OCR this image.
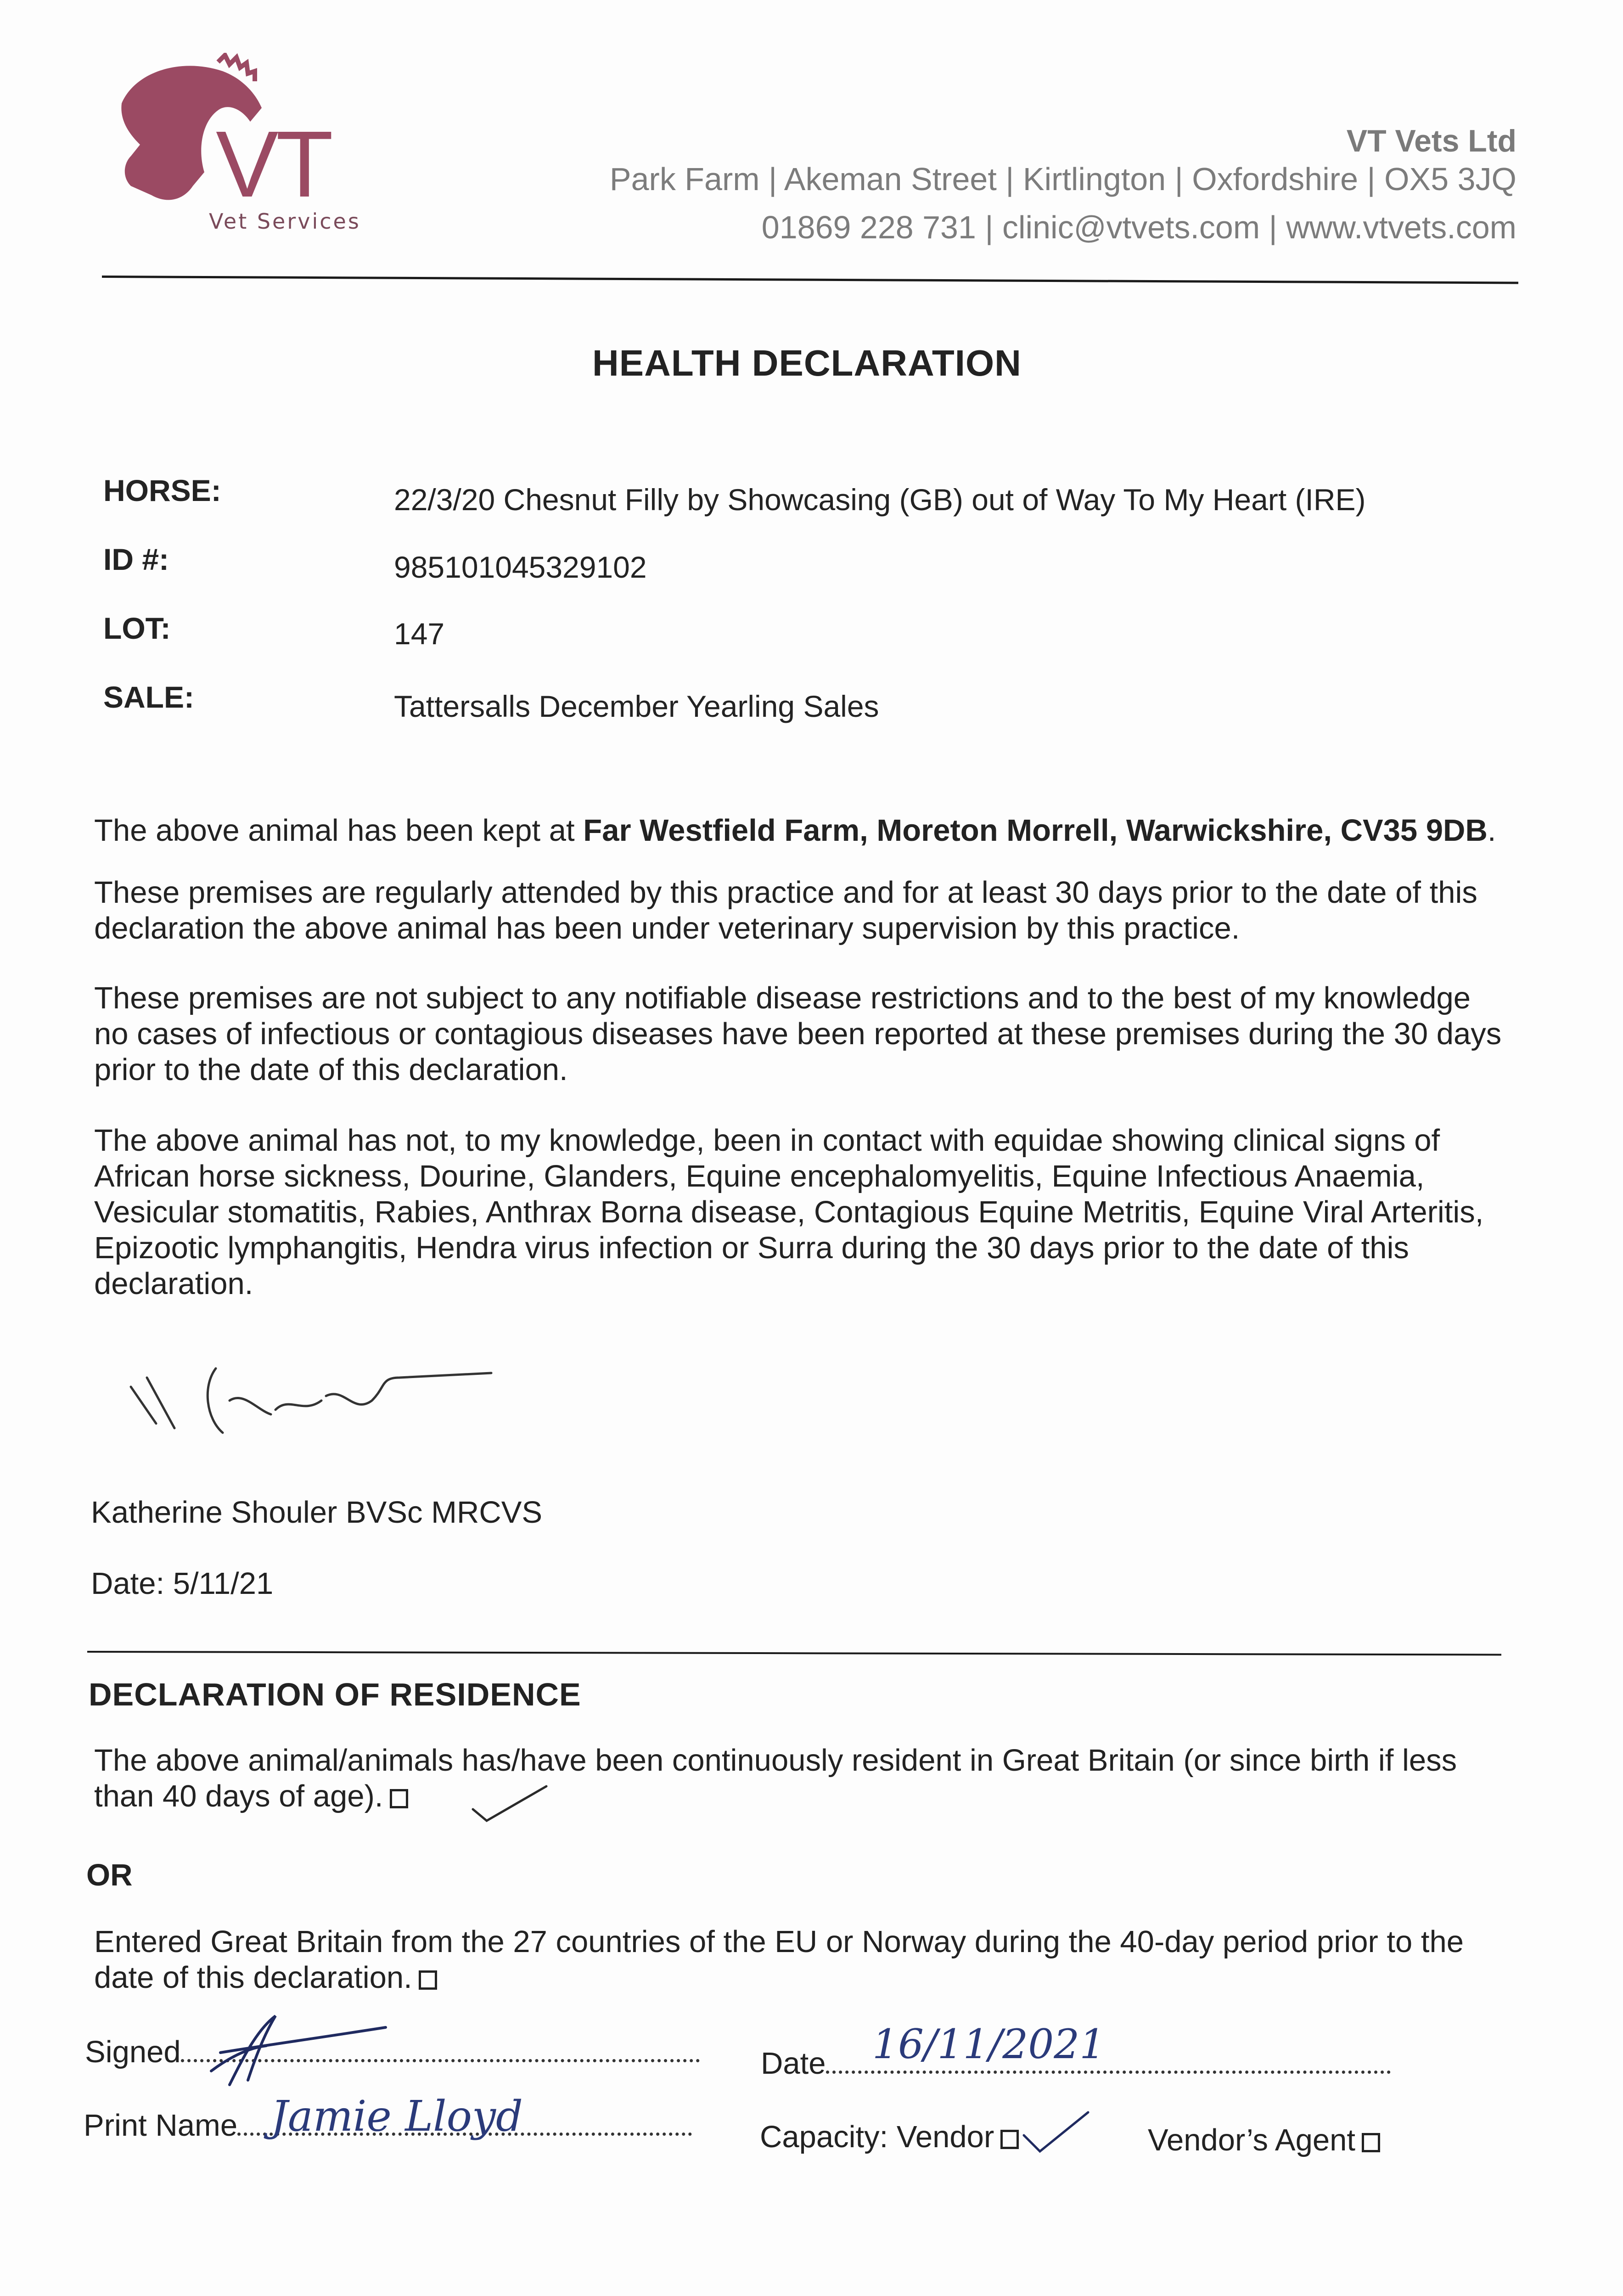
VT
Vet Services
VT Vets Ltd
Park Farm | Akeman Street | Kirtlington | Oxfordshire | OX5 3JQ
01869 228 731 | clinic@vtvets.com | www.vtvets.com
HEALTH DECLARATION
HORSE:	22/3/20 Chesnut Filly by Showcasing (GB) out of Way To My Heart (IRE)
ID #:	985101045329102
LOT:	147
SALE:	Tattersalls December Yearling Sales
The above animal has been kept at Far Westfield Farm, Moreton Morrell, Warwickshire, CV35 9DB.
These premises are regularly attended by this practice and for at least 30 days prior to the date of this declaration the above animal has been under veterinary supervision by this practice.
These premises are not subject to any notifiable disease restrictions and to the best of my knowledge no cases of infectious or contagious diseases have been reported at these premises during the 30 days prior to the date of this declaration.
The above animal has not, to my knowledge, been in contact with equidae showing clinical signs of African horse sickness, Dourine, Glanders, Equine encephalomyelitis, Equine Infectious Anaemia, Vesicular stomatitis, Rabies, Anthrax Borna disease, Contagious Equine Metritis, Equine Viral Arteritis, Epizootic lymphangitis, Hendra virus infection or Surra during the 30 days prior to the date of this declaration.
Katherine Shouler BVSc MRCVS
Date: 5/11/21
DECLARATION OF RESIDENCE
The above animal/animals has/have been continuously resident in Great Britain (or since birth if less than 40 days of age).
OR
Entered Great Britain from the 27 countries of the EU or Norway during the 40-day period prior to the date of this declaration.
Signed	Date	16/11/2021
Print Name Jamie Lloyd	Capacity: Vendor	Vendor’s Agent
